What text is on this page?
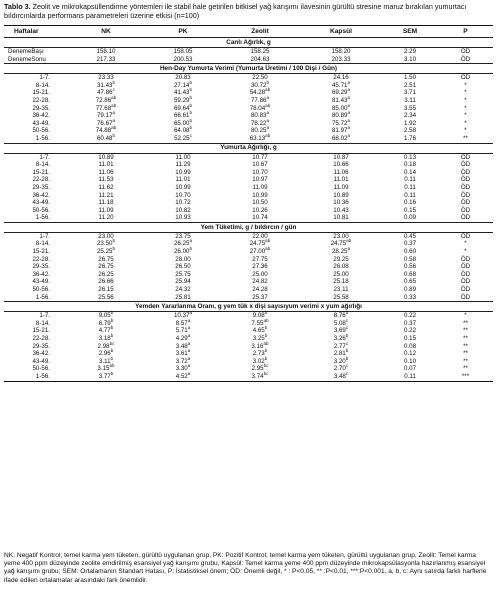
Tablo 3. Zeolit ve mikrokapsüllendirme yöntemleri ile stabil hale getirilen bitkisel yağ karışımı ilavesinin gürültü stresine maruz bırakılan yumurtacı bıldırcınlarda performans parametreleri üzerine etkisi (n=100)
Haftalar	NK	PK	Zeolit	Kapsül	SEM	P
Canlı Ağırlık, g
DenemeBaşı	158.10	158.05	158.25	158.20	2.29	ÖD
DenemeSonu	217.33	200.53	204.63	203.33	3.10	ÖD
Hen-Day Yumurta Verimi (Yumurta Üretimi / 100 Dişi / Gün)
1-7.	23.33	20.83	22.50	24.16	1.50	ÖD
8-14.	31.43$^b$	27.14$^b$	30.72$^b$	45.71$^a$	2.51	*
15-21.	47.86$^c$	41.43$^b$	54.28$^{ab}$	69.29$^a$	3.71	*
22-28.	72.86$^{ab}$	59.29$^b$	77.86$^a$	81.43$^a$	3.11	*
29-35.	77.68$^{ab}$	69.64$^b$	78.04$^{ab}$	85.00$^a$	3.55	*
36-42.	79.17$^a$	66.61$^b$	80.83$^a$	80.89$^a$	2.34	*
43-49.	76.67$^a$	65.00$^b$	78.22$^a$	75.72$^a$	1.92	*
50-56.	74.88$^{ab}$	64.08$^b$	80.25$^a$	81.97$^a$	2.58	*
1-56.	60.48$^b$	52.25$^c$	63.13$^{ab}$	68.02$^a$	1.76	**
Yumurta Ağırlığı, g
1-7.	10.89	11.00	10.77	10.87	0.13	ÖD
8-14.	11.01	11.29	10.67	10.66	0.18	ÖD
15-21.	11.06	10.99	10.70	11.06	0.14	ÖD
22-28.	11.53	11.01	10.97	11.01	0.11	ÖD
29-35.	11.62	10.99	11.09	11.09	0.11	ÖD
36-42.	11.21	10.70	10.99	10.89	0.11	ÖD
43-49.	11.18	10.72	10.50	10.36	0.16	ÖD
50-56.	11.09	10.82	10.26	10.43	0.15	ÖD
1-56.	11.20	10.93	10.74	10.81	0.09	ÖD
Yem Tüketimi, g / bıldırcın / gün
1-7.	23.00	23.75	22.00	23.00	0.45	ÖD
8-14.	23.50$^b$	26.25$^a$	24.75$^{ab}$	24.75$^{ab}$	0.37	*
15-21.	25.25$^b$	26.00$^b$	27.00$^{ab}$	28.25$^a$	0.60	*
22-28.	26.75	28.00	27.75	29.25	0.58	ÖD
29-35.	26.75	26.50	27.36	26.08	0.56	ÖD
36-42.	26.25	25.75	25.00	25.00	0.68	ÖD
43-49.	26.66	25.94	24.82	25.18	0.65	ÖD
50-56.	26.15	24.32	24.28	23.11	0.89	ÖD
1-56.	25.56	25.81	25.37	25.58	0.33	ÖD
Yemden Yararlanma Oranı, g yem tük x dişi sayısıyum verimi x yum ağırlığı
1-7.	9.05$^b$	10.37$^a$	9.08$^b$	8.76$^b$	0.22	*
8-14.	6.79$^b$	8.57$^a$	7.55$^{ab}$	5.08$^c$	0.37	**
15-21.	4.77$^b$	5.71$^a$	4.65$^b$	3.69$^c$	0.22	**
22-28.	3.18$^b$	4.29$^a$	3.25$^b$	3.26$^b$	0.15	**
29-35.	2.98$^{bc}$	3.48$^a$	3.16$^{ab}$	2.77$^c$	0.08	**
36-42.	2.96$^b$	3.61$^a$	2.73$^b$	2.81$^b$	0.12	**
43-49.	3.11$^b$	3.72$^a$	3.02$^b$	3.20$^b$	0.10	**
50-56.	3.15$^{ab}$	3.30$^a$	2.95$^{bc}$	2.70$^c$	0.07	**
1-56.	3.77$^b$	4.52$^a$	3.74$^{bc}$	3.48$^c$	0.11	***
NK: Negatif Kontrol; temel karma yem tüketen, gürültü uygulanan grup, PK: Pozitif Kontrol; temel karma yem tüketen, gürültü uygulanan grup, Zeolit: Temel karma yeme 400 ppm düzeyinde zeolite emdirilmiş esansiyel yağ karışımı grubu, Kapsül: Temel karma yeme 400 ppm düzeyinde mikrokapsülasyonla hazırlanmış esansiyel yağ karışımı grubu; SEM: Ortalamanın Standart Hatası, P: İstatistiksel önem; ÖD: Önemli değil, * : P<0.05, ** :P<0.01, ***:P<0.001, a, b, c: Aynı satırda farklı harflerle ifade edilen ortalamalar arasındaki fark önemlidir.
